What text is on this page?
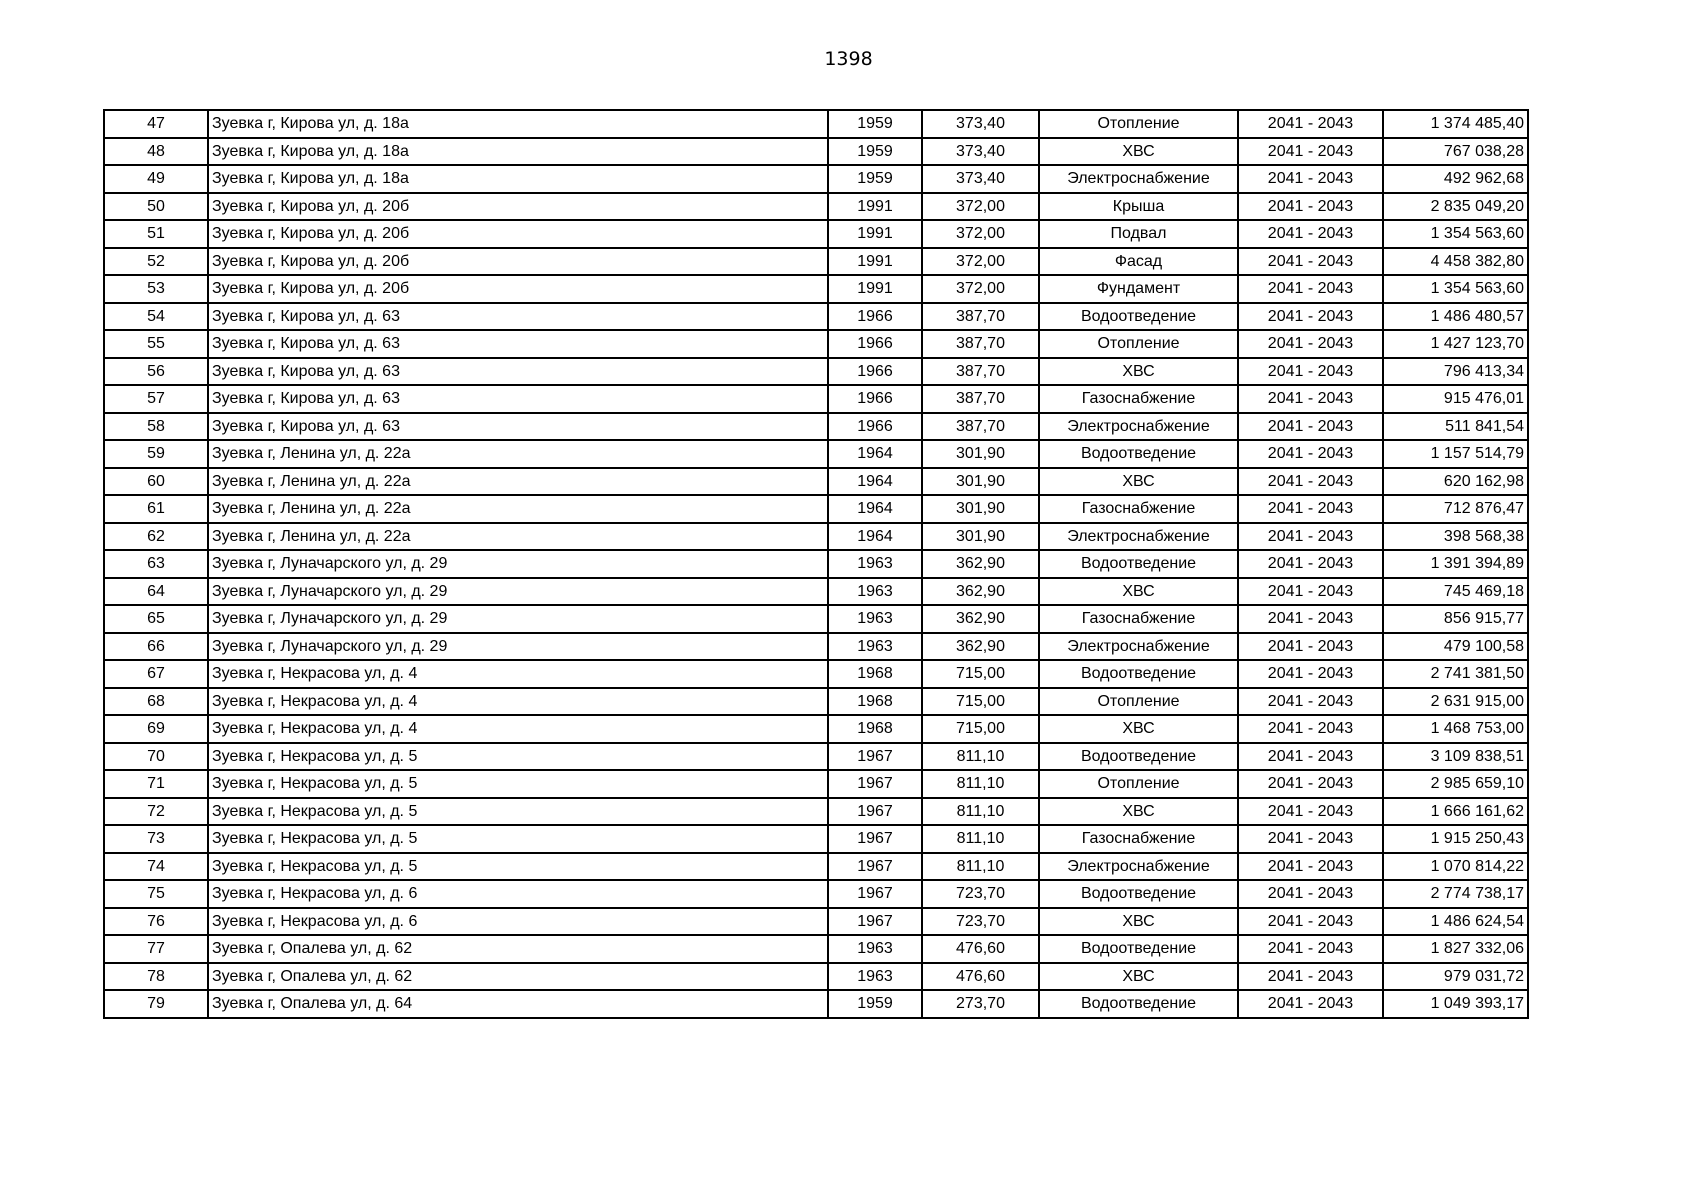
1398
47	Зуевка г, Кирова ул, д. 18а	1959	373,40	Отопление	2041 - 2043	1 374 485,40
48	Зуевка г, Кирова ул, д. 18а	1959	373,40	ХВС	2041 - 2043	767 038,28
49	Зуевка г, Кирова ул, д. 18а	1959	373,40	Электроснабжение	2041 - 2043	492 962,68
50	Зуевка г, Кирова ул, д. 20б	1991	372,00	Крыша	2041 - 2043	2 835 049,20
51	Зуевка г, Кирова ул, д. 20б	1991	372,00	Подвал	2041 - 2043	1 354 563,60
52	Зуевка г, Кирова ул, д. 20б	1991	372,00	Фасад	2041 - 2043	4 458 382,80
53	Зуевка г, Кирова ул, д. 20б	1991	372,00	Фундамент	2041 - 2043	1 354 563,60
54	Зуевка г, Кирова ул, д. 63	1966	387,70	Водоотведение	2041 - 2043	1 486 480,57
55	Зуевка г, Кирова ул, д. 63	1966	387,70	Отопление	2041 - 2043	1 427 123,70
56	Зуевка г, Кирова ул, д. 63	1966	387,70	ХВС	2041 - 2043	796 413,34
57	Зуевка г, Кирова ул, д. 63	1966	387,70	Газоснабжение	2041 - 2043	915 476,01
58	Зуевка г, Кирова ул, д. 63	1966	387,70	Электроснабжение	2041 - 2043	511 841,54
59	Зуевка г, Ленина ул, д. 22а	1964	301,90	Водоотведение	2041 - 2043	1 157 514,79
60	Зуевка г, Ленина ул, д. 22а	1964	301,90	ХВС	2041 - 2043	620 162,98
61	Зуевка г, Ленина ул, д. 22а	1964	301,90	Газоснабжение	2041 - 2043	712 876,47
62	Зуевка г, Ленина ул, д. 22а	1964	301,90	Электроснабжение	2041 - 2043	398 568,38
63	Зуевка г, Луначарского ул, д. 29	1963	362,90	Водоотведение	2041 - 2043	1 391 394,89
64	Зуевка г, Луначарского ул, д. 29	1963	362,90	ХВС	2041 - 2043	745 469,18
65	Зуевка г, Луначарского ул, д. 29	1963	362,90	Газоснабжение	2041 - 2043	856 915,77
66	Зуевка г, Луначарского ул, д. 29	1963	362,90	Электроснабжение	2041 - 2043	479 100,58
67	Зуевка г, Некрасова ул, д. 4	1968	715,00	Водоотведение	2041 - 2043	2 741 381,50
68	Зуевка г, Некрасова ул, д. 4	1968	715,00	Отопление	2041 - 2043	2 631 915,00
69	Зуевка г, Некрасова ул, д. 4	1968	715,00	ХВС	2041 - 2043	1 468 753,00
70	Зуевка г, Некрасова ул, д. 5	1967	811,10	Водоотведение	2041 - 2043	3 109 838,51
71	Зуевка г, Некрасова ул, д. 5	1967	811,10	Отопление	2041 - 2043	2 985 659,10
72	Зуевка г, Некрасова ул, д. 5	1967	811,10	ХВС	2041 - 2043	1 666 161,62
73	Зуевка г, Некрасова ул, д. 5	1967	811,10	Газоснабжение	2041 - 2043	1 915 250,43
74	Зуевка г, Некрасова ул, д. 5	1967	811,10	Электроснабжение	2041 - 2043	1 070 814,22
75	Зуевка г, Некрасова ул, д. 6	1967	723,70	Водоотведение	2041 - 2043	2 774 738,17
76	Зуевка г, Некрасова ул, д. 6	1967	723,70	ХВС	2041 - 2043	1 486 624,54
77	Зуевка г, Опалева ул, д. 62	1963	476,60	Водоотведение	2041 - 2043	1 827 332,06
78	Зуевка г, Опалева ул, д. 62	1963	476,60	ХВС	2041 - 2043	979 031,72
79	Зуевка г, Опалева ул, д. 64	1959	273,70	Водоотведение	2041 - 2043	1 049 393,17
